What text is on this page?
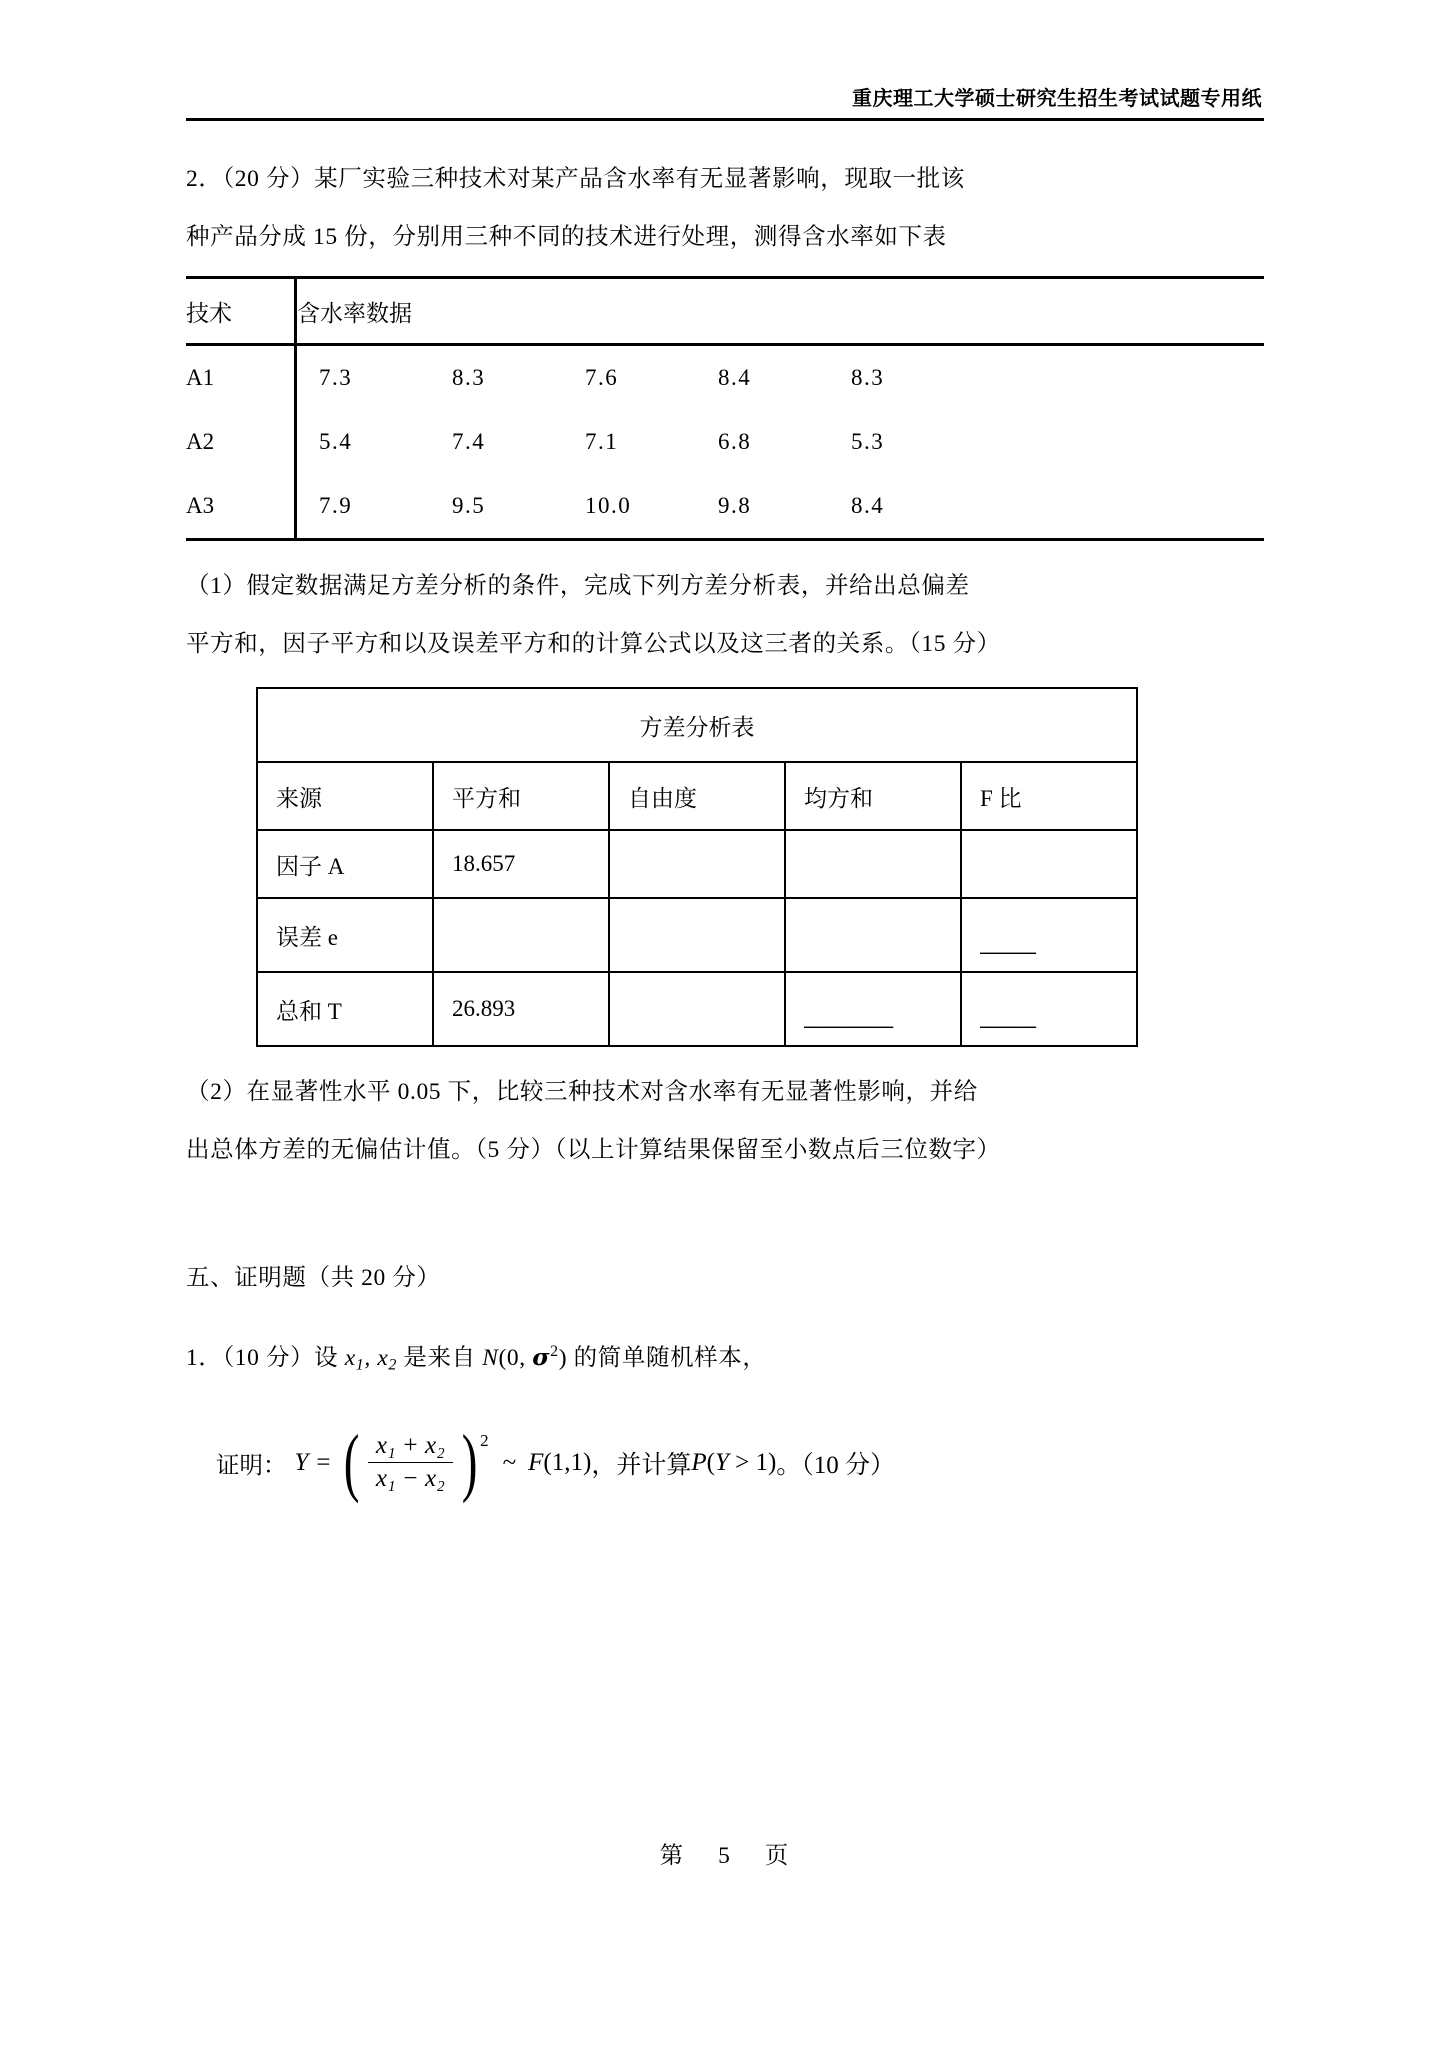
重庆理工大学硕士研究生招生考试试题专用纸
2．（20 分）某厂实验三种技术对某产品含水率有无显著影响，现取一批该
种产品分成 15 份，分别用三种不同的技术进行处理，测得含水率如下表
技术	含水率数据
A1	7.3 8.3 7.6 8.4 8.3

A2	5.4 7.4 7.1 6.8 5.3

A3	7.9 9.5 10.0 9.8 8.4
（1）假定数据满足方差分析的条件，完成下列方差分析表，并给出总偏差
平方和，因子平方和以及误差平方和的计算公式以及这三者的关系。（15 分）
方差分析表				
来源	平方和	自由度	均方和	F 比
因子 A	18.657			
误差 e				—————
总和 T	26.893		————————	—————
（2）在显著性水平 0.05 下，比较三种技术对含水率有无显著性影响，并给
出总体方差的无偏估计值。（5 分）（以上计算结果保留至小数点后三位数字）
五、证明题（共 20 分）
1．（10 分）设 $x_1$, $x_2$ 是来自 N(0, $\sigma^2$) 的简单随机样本，
证明： Y = ( $\frac{\text{x₁ + x₂}}{\text{x₁ − x₂}}$ ) 2
~ F(1,1) ，并计算 P(Y > 1) 。（10 分）
第 5 页
